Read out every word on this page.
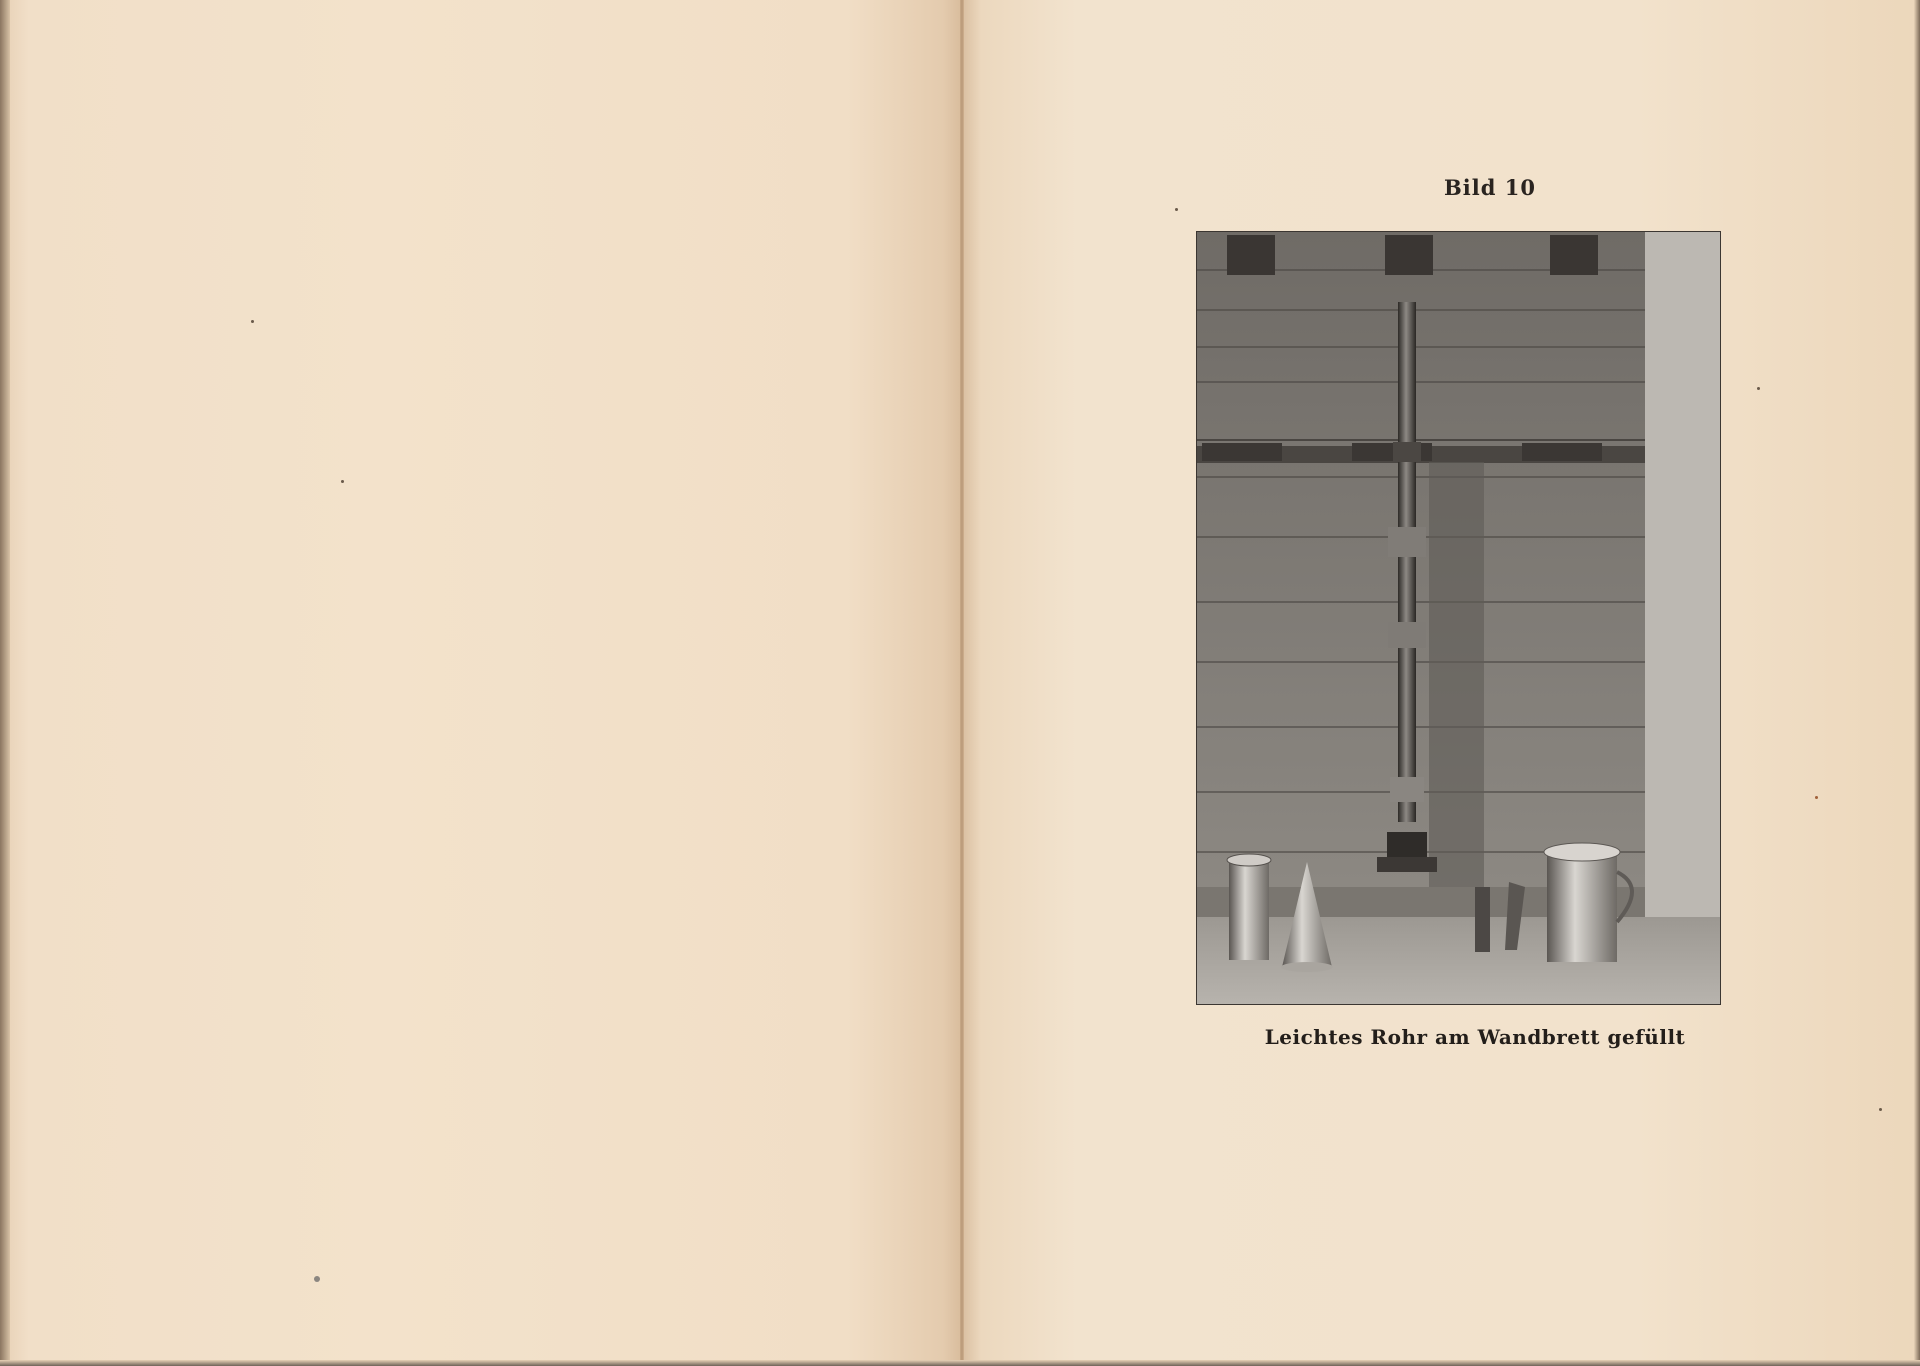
Bild 10
Leichtes Rohr am Wandbrett gefüllt
